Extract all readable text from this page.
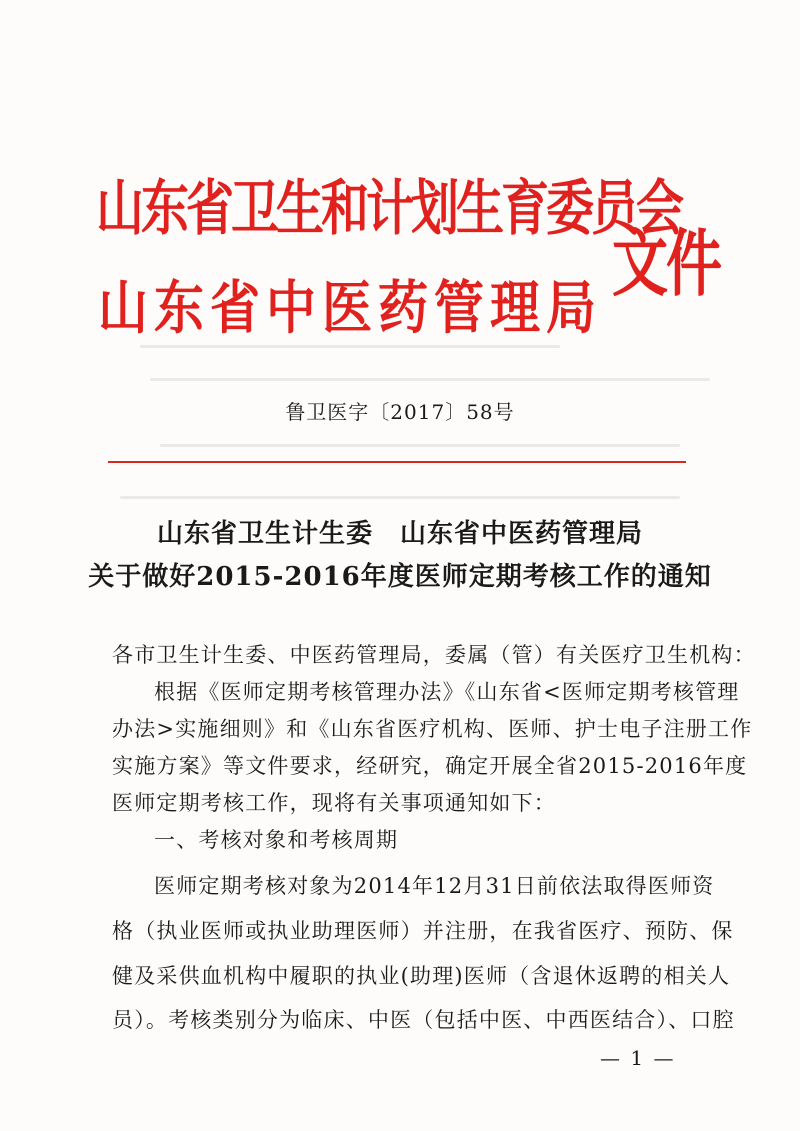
山东省卫生和计划生育委员会
山东省中医药管理局
文件
鲁卫医字〔2017〕58号
山东省卫生计生委　山东省中医药管理局
关于做好2015-2016年度医师定期考核工作的通知
各市卫生计生委、中医药管理局，委属（管）有关医疗卫生机构：
根据《医师定期考核管理办法》《山东省<医师定期考核管理
办法>实施细则》和《山东省医疗机构、医师、护士电子注册工作
实施方案》等文件要求，经研究，确定开展全省2015-2016年度
医师定期考核工作，现将有关事项通知如下：
一、考核对象和考核周期
医师定期考核对象为2014年12月31日前依法取得医师资
格（执业医师或执业助理医师）并注册，在我省医疗、预防、保
健及采供血机构中履职的执业(助理)医师（含退休返聘的相关人
员）。考核类别分为临床、中医（包括中医、中西医结合）、口腔
— 1 —
